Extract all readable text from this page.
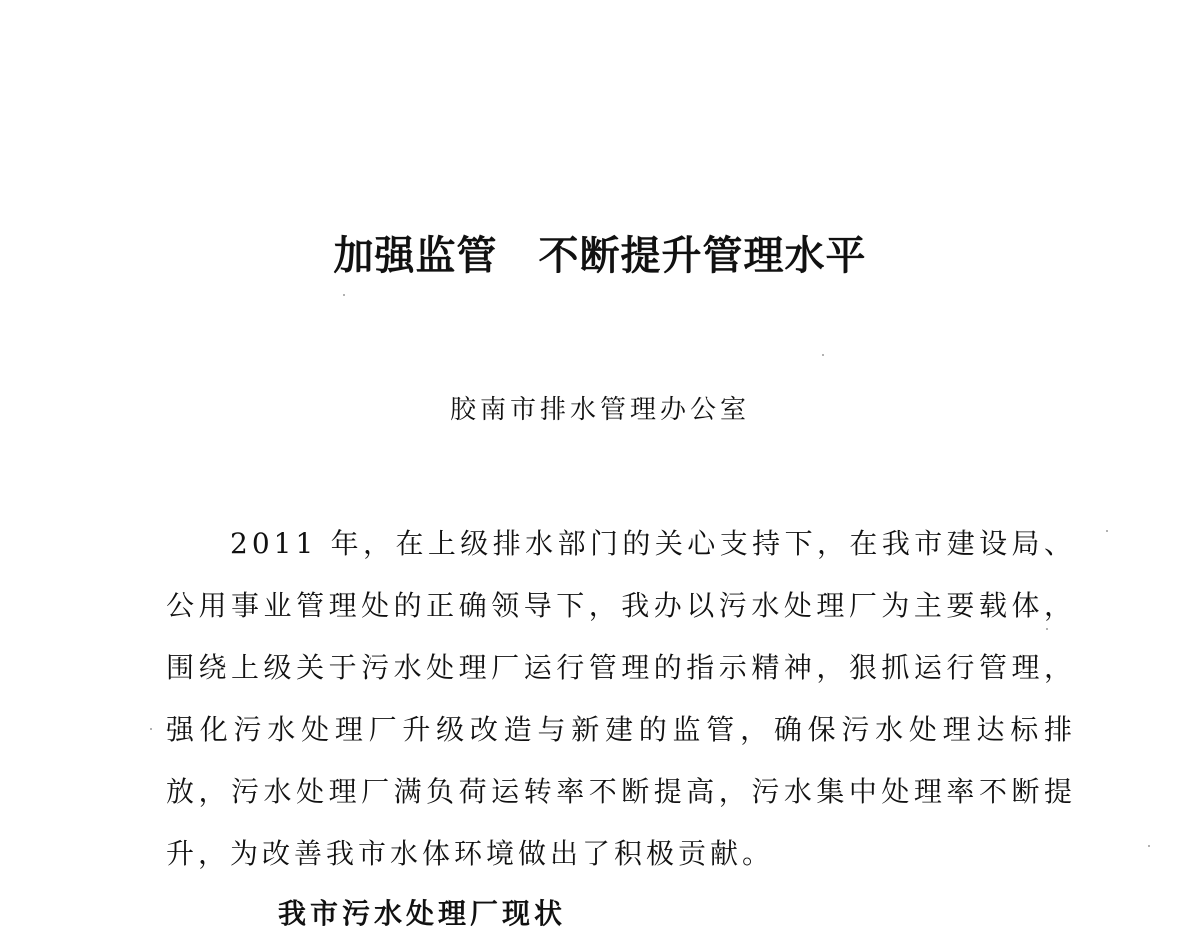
加强监管　不断提升管理水平
胶南市排水管理办公室

2011 年，在上级排水部门的关心支持下，在我市建设局、公用事业管理处的正确领导下，我办以污水处理厂为主要载体，围绕上级关于污水处理厂运行管理的指示精神，狠抓运行管理，强化污水处理厂升级改造与新建的监管，确保污水处理达标排放，污水处理厂满负荷运转率不断提高，污水集中处理率不断提升，为改善我市水体环境做出了积极贡献。

我市污水处理厂现状
